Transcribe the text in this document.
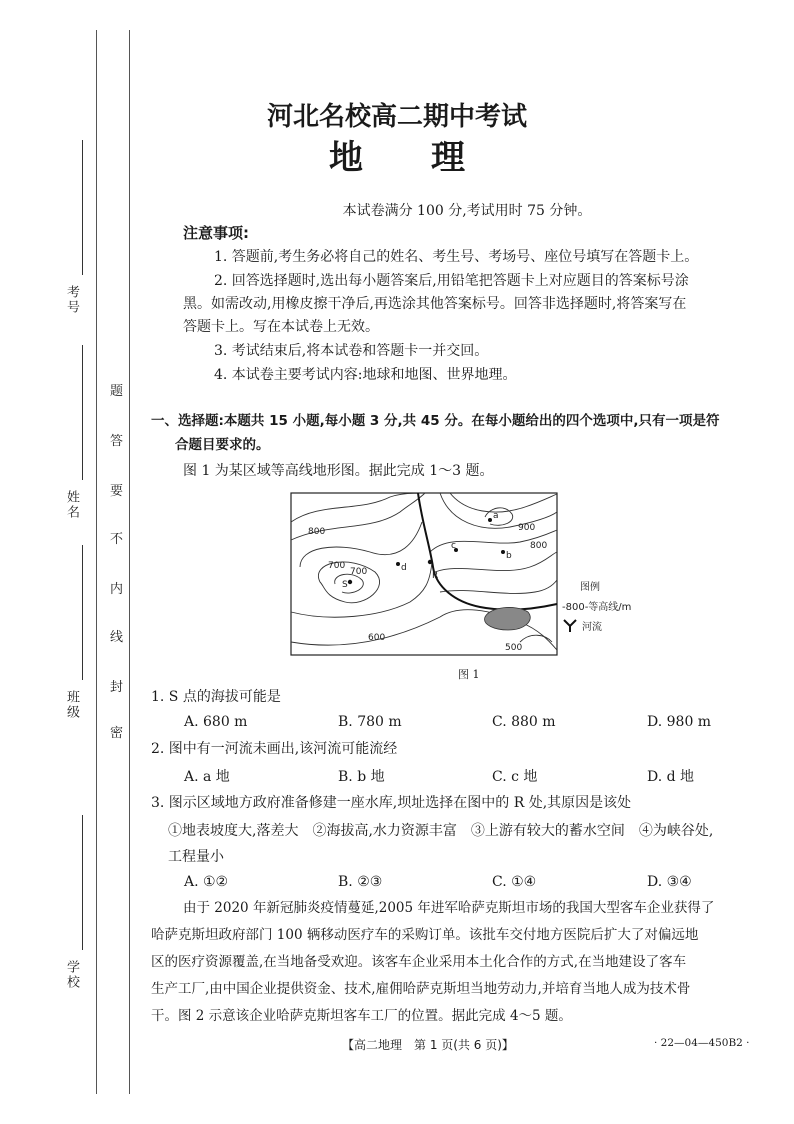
考号
姓名
班级
学校
题
答
要
不
内
线
封
密
河北名校高二期中考试
地　　理
本试卷满分 100 分,考试用时 75 分钟。
注意事项:
1. 答题前,考生务必将自己的姓名、考生号、考场号、座位号填写在答题卡上。
2. 回答选择题时,选出每小题答案后,用铅笔把答题卡上对应题目的答案标号涂
黑。如需改动,用橡皮擦干净后,再选涂其他答案标号。回答非选择题时,将答案写在
答题卡上。写在本试卷上无效。
3. 考试结束后,将本试卷和答题卡一并交回。
4. 本试卷主要考试内容:地球和地图、世界地理。
一、选择题:本题共 15 小题,每小题 3 分,共 45 分。在每小题给出的四个选项中,只有一项是符
合题目要求的。
图 1 为某区域等高线地形图。据此完成 1～3 题。
800
700
700
900
800
600
500
a
b
c
d
S
R
图例
-800-等高线/m
河流
图 1
1. S 点的海拔可能是
A. 680 m	B. 780 m	C. 880 m	D. 980 m
2. 图中有一河流未画出,该河流可能流经
A. a 地	B. b 地	C. c 地	D. d 地
3. 图示区域地方政府准备修建一座水库,坝址选择在图中的 R 处,其原因是该处
①地表坡度大,落差大　②海拔高,水力资源丰富　③上游有较大的蓄水空间　④为峡谷处,
工程量小
A. ①②	B. ②③	C. ①④	D. ③④
由于 2020 年新冠肺炎疫情蔓延,2005 年进军哈萨克斯坦市场的我国大型客车企业获得了
哈萨克斯坦政府部门 100 辆移动医疗车的采购订单。该批车交付地方医院后扩大了对偏远地
区的医疗资源覆盖,在当地备受欢迎。该客车企业采用本土化合作的方式,在当地建设了客车
生产工厂,由中国企业提供资金、技术,雇佣哈萨克斯坦当地劳动力,并培育当地人成为技术骨
干。图 2 示意该企业哈萨克斯坦客车工厂的位置。据此完成 4～5 题。
【高二地理　第 1 页(共 6 页)】	· 22—04—450B2 ·
